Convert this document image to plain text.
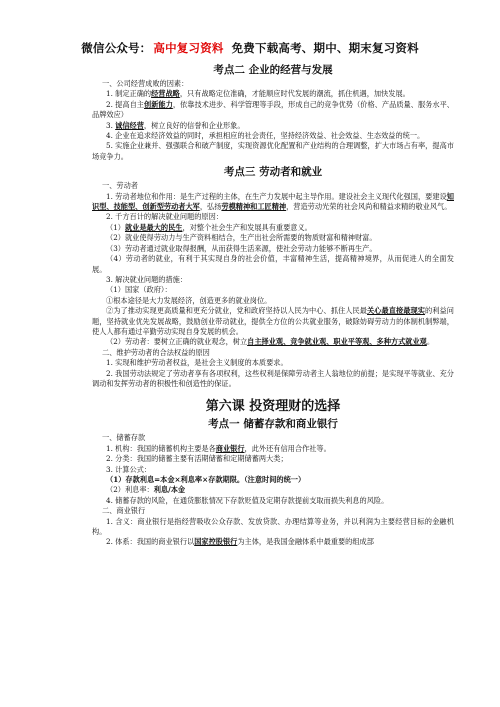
微信公众号： 高中复习资料 免费下载高考、期中、期末复习资料
考点二 企业的经营与发展

一、公司经营成败的因素：

1. 制定正确的经营战略，只有战略定位准确，才能顺应时代发展的潮流，抓住机遇，加快发展。

2. 提高自主创新能力，依靠技术进步、科学管理等手段，形成自己的竞争优势（价格、产品质量、服务水平、品牌效应）

3. 诚信经营，树立良好的信誉和企业形象。

4. 企业在追求经济效益的同时，承担相应的社会责任，坚持经济效益、社会效益、生态效益的统一。

5. 实施企业兼并、强强联合和破产制度，实现资源优化配置和产业结构的合理调整，扩大市场占有率，提高市场竞争力。

考点三 劳动者和就业

一、劳动者

1. 劳动者地位和作用：是生产过程的主体，在生产力发展中起主导作用。建设社会主义现代化强国，要建设知识型、技能型、创新型劳动者大军，弘扬劳模精神和工匠精神，营造劳动光荣的社会风尚和精益求精的敬业风气。

2. 千方百计的解决就业问题的原因：

（1）就业是最大的民生，对整个社会生产和发展具有重要意义。

（2）就业使得劳动力与生产资料相结合，生产出社会所需要的物质财富和精神财富。

（3）劳动者通过就业取得报酬，从而获得生活来源，使社会劳动力能够不断再生产。

（4）劳动者的就业，有利于其实现自身的社会价值，丰富精神生活，提高精神境界，从而促进人的全面发展。

3. 解决就业问题的措施：

（1）国家（政府）：

①根本途径是大力发展经济，创造更多的就业岗位。

②为了推动实现更高质量和更充分就业，党和政府坚持以人民为中心、抓住人民最关心最直接最现实的利益问题，坚持就业优先发展战略，鼓励创业带动就业，提供全方位的公共就业服务，破除妨碍劳动力的体制机制弊端，使人人都有通过辛勤劳动实现自身发展的机会。

（2）劳动者：要树立正确的就业观念，树立自主择业观、竞争就业观、职业平等观、多种方式就业观。

二、维护劳动者的合法权益的原因

1. 实现和维护劳动者权益，是社会主义制度的本质要求。

2. 我国劳动法规定了劳动者享有各项权利，这些权利是保障劳动者主人翁地位的前提；是实现平等就业、充分调动和发挥劳动者的积极性和创造性的保证。

第六课 投资理财的选择
考点一 储蓄存款和商业银行

一、储蓄存款

1. 机构：我国的储蓄机构主要是各商业银行，此外还有信用合作社等。

2. 分类：我国的储蓄主要有活期储蓄和定期储蓄两大类；

3. 计算公式：

（1）存款利息=本金×利息率×存款期限。（注意时间的统一）

（2）利息率：利息/本金

4. 储蓄存款的风险，在通货膨胀情况下存款贬值及定期存款提前支取而损失利息的风险。

二、商业银行

1. 含义：商业银行是指经营吸收公众存款、发放贷款、办理结算等业务，并以利润为主要经营目标的金融机构。

2. 体系：我国的商业银行以国家控股银行为主体，是我国金融体系中最重要的组成部
